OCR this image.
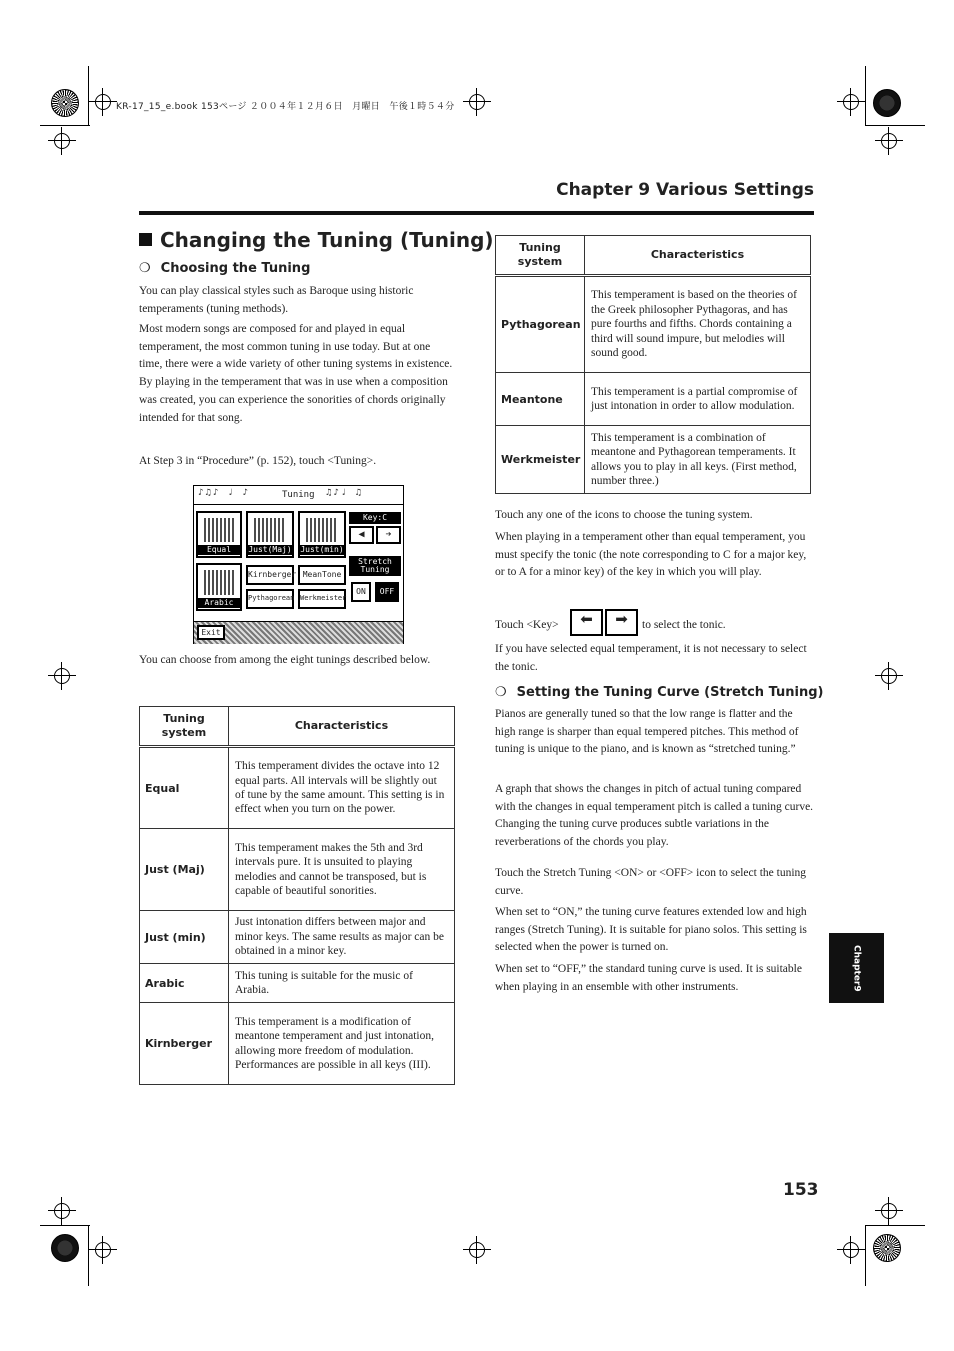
KR-17_15_e.book 153ページ ２００４年１２月６日　月曜日　午後１時５４分
Chapter 9 Various Settings
Changing the Tuning (Tuning)
❍ Choosing the Tuning

You can play classical styles such as Baroque using historic temperaments (tuning methods).

Most modern songs are composed for and played in equal temperament, the most common tuning in use today. But at one time, there were a wide variety of other tuning systems in existence. By playing in the temperament that was in use when a composition was created, you can experience the sonorities of chords originally intended for that song.

At Step 3 in “Procedure” (p. 152), touch <Tuning>.

♪♫♪ ♩ ♪	Tuning ♫♪♩ ♫
Equal	Just(Maj) Just(min)
Key:C
◀	➔
Arabic
Kirnberger MeanTone
Pythagorean Werkmeister
Stretch Tuning
ON	OFF
Exit

You can choose from among the eight tunings described below.

Tuning system	Characteristics
Equal	This temperament divides the octave into 12 equal parts. All intervals will be slightly out of tune by the same amount. This setting is in effect when you turn on the power.
Just (Maj)	This temperament makes the 5th and 3rd intervals pure. It is unsuited to playing melodies and cannot be transposed, but is capable of beautiful sonorities.
Just (min)	Just intonation differs between major and minor keys. The same results as major can be obtained in a minor key.
Arabic	This tuning is suitable for the music of Arabia.
Kirnberger	This temperament is a modification of meantone temperament and just intonation, allowing more freedom of modulation. Performances are possible in all keys (III).
Tuning system	Characteristics
Pythagorean	This temperament is based on the theories of the Greek philosopher Pythagoras, and has pure fourths and fifths. Chords containing a third will sound impure, but melodies will sound good.
Meantone	This temperament is a partial compromise of just intonation in order to allow modulation.
Werkmeister	This temperament is a combination of meantone and Pythagorean temperaments. It allows you to play in all keys. (First method, number three.)

Touch any one of the icons to choose the tuning system.

When playing in a temperament other than equal temperament, you must specify the tonic (the note corresponding to C for a major key, or to A for a minor key) of the key in which you will play.

Touch <Key>	⬅	➡	to select the tonic.

If you have selected equal temperament, it is not necessary to select the tonic.

❍ Setting the Tuning Curve (Stretch Tuning)

Pianos are generally tuned so that the low range is flatter and the high range is sharper than equal tempered pitches. This method of tuning is unique to the piano, and is known as “stretched tuning.”

A graph that shows the changes in pitch of actual tuning compared with the changes in equal temperament pitch is called a tuning curve. Changing the tuning curve produces subtle variations in the reverberations of the chords you play.

Touch the Stretch Tuning <ON> or <OFF> icon to select the tuning curve.

When set to “ON,” the tuning curve features extended low and high ranges (Stretch Tuning). It is suitable for piano solos. This setting is selected when the power is turned on.

When set to “OFF,” the standard tuning curve is used. It is suitable when playing in an ensemble with other instruments.	Chapter9
153
